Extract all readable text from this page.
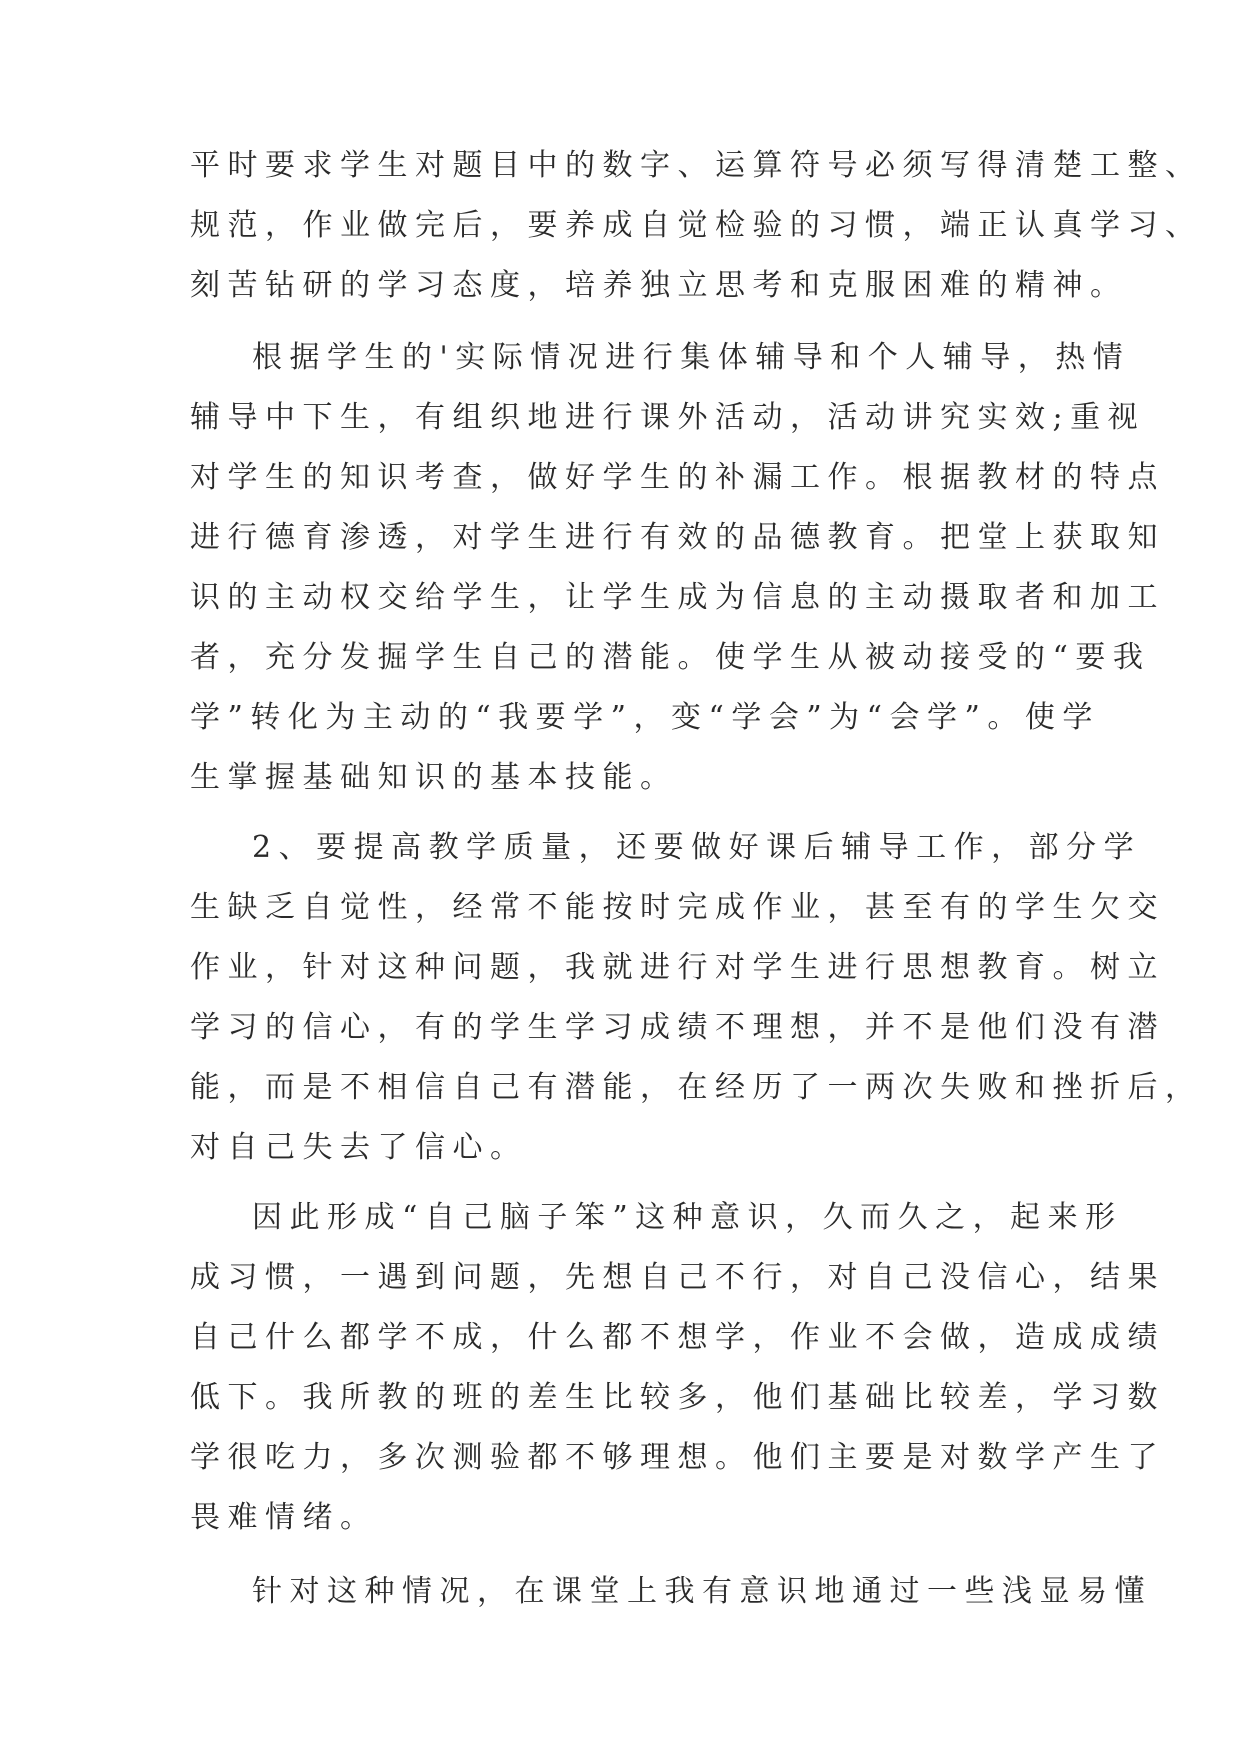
平时要求学生对题目中的数字、运算符号必须写得清楚工整、
规范，作业做完后，要养成自觉检验的习惯，端正认真学习、
刻苦钻研的学习态度，培养独立思考和克服困难的精神。
根据学生的'实际情况进行集体辅导和个人辅导，热情
辅导中下生，有组织地进行课外活动，活动讲究实效;重视
对学生的知识考查，做好学生的补漏工作。根据教材的特点
进行德育渗透，对学生进行有效的品德教育。把堂上获取知
识的主动权交给学生，让学生成为信息的主动摄取者和加工
者，充分发掘学生自己的潜能。使学生从被动接受的“要我
学”转化为主动的“我要学”，变“学会”为“会学”。使学
生掌握基础知识的基本技能。
2、要提高教学质量，还要做好课后辅导工作，部分学
生缺乏自觉性，经常不能按时完成作业，甚至有的学生欠交
作业，针对这种问题，我就进行对学生进行思想教育。树立
学习的信心，有的学生学习成绩不理想，并不是他们没有潜
能，而是不相信自己有潜能，在经历了一两次失败和挫折后，
对自己失去了信心。
因此形成“自己脑子笨”这种意识，久而久之，起来形
成习惯，一遇到问题，先想自己不行，对自己没信心，结果
自己什么都学不成，什么都不想学，作业不会做，造成成绩
低下。我所教的班的差生比较多，他们基础比较差，学习数
学很吃力，多次测验都不够理想。他们主要是对数学产生了
畏难情绪。
针对这种情况，在课堂上我有意识地通过一些浅显易懂
